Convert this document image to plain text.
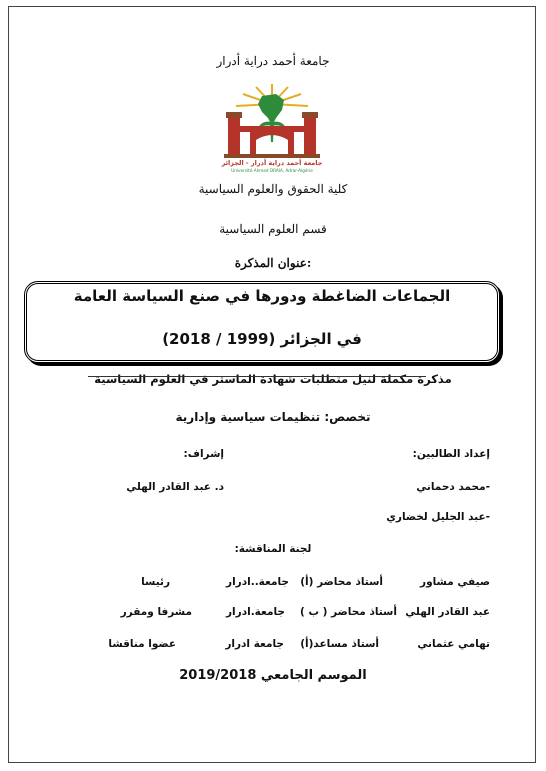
جامعة أحمد دراية أدرار
جامعة أحمد دراية أدرار - الجزائر
Université Ahmed DRAIA, Adrar-Algérie
كلية الحقوق والعلوم السياسية
قسم العلوم السياسية
عنوان المذكرة:
الجماعات الضاغطة ودورها في صنع السياسة العامة
في الجزائر (1999 / 2018)
مذكرة مكملة لنيل متطلبات شهادة الماستر في العلوم السياسية
تخصص: تنظيمات سياسية وإدارية
إعداد الطالبين:
-محمد دحماني
-عبد الجليل لخضاري
إشراف:
د. عبد القادر الهلي
لجنة المناقشة:
صيفي مشاور
أستاذ محاضر (أ)
جامعة..ادرار
رئيسا
عبد القادر الهلي
أستاذ محاضر ( ب )
جامعة.ادرار
مشرفا ومقرر
تهامي عثماني
أستاذ مساعد(أ)
جامعة ادرار
عضوا مناقشا
الموسم الجامعي 2019/2018
